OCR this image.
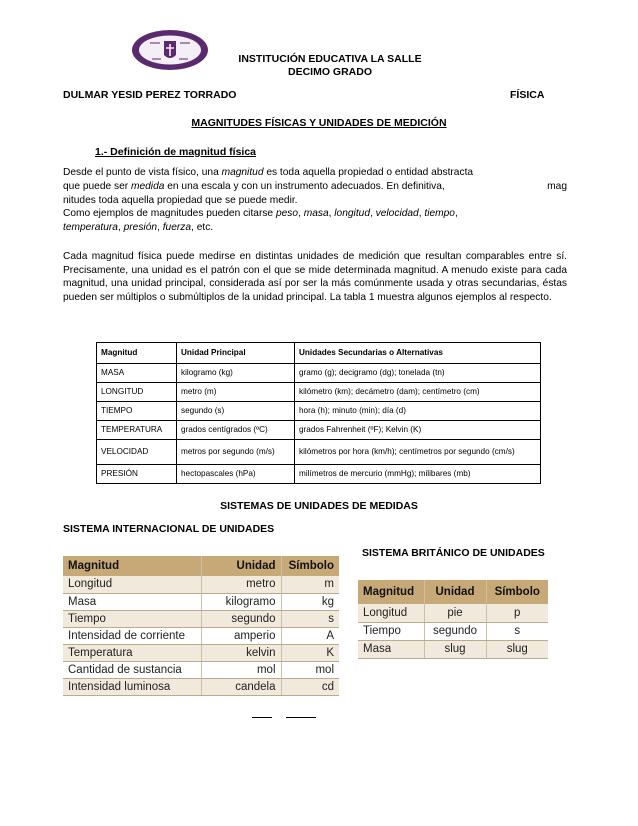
INSTITUCIÓN EDUCATIVA LA SALLE
DECIMO GRADO
DULMAR YESID PEREZ TORRADO	FÍSICA
MAGNITUDES FÍSICAS Y UNIDADES DE MEDICIÓN
1.- Definición de magnitud física
Desde el punto de vista físico, una magnitud es toda aquella propiedad o entidad abstracta
que puede ser medida en una escala y con un instrumento adecuados. En definitiva,	mag
nitudes toda aquella propiedad que se puede medir.
Como ejemplos de magnitudes pueden citarse peso, masa, longitud, velocidad, tiempo,
temperatura, presión, fuerza, etc.
Cada magnitud física puede medirse en distintas unidades de medición que resultan comparables entre sí. Precisamente, una unidad es el patrón con el que se mide determinada magnitud. A menudo existe para cada magnitud, una unidad principal, considerada así por ser la más comúnmente usada y otras secundarias, éstas pueden ser múltiplos o submúltiplos de la unidad principal. La tabla 1 muestra algunos ejemplos al respecto.
Magnitud	Unidad Principal	Unidades Secundarias o Alternativas
MASA	kilogramo (kg)	gramo (g); decigramo (dg); tonelada (tn)
LONGITUD	metro (m)	kilómetro (km); decámetro (dam); centímetro (cm)
TIEMPO	segundo (s)	hora (h); minuto (min); día (d)
TEMPERATURA	grados centígrados (ºC)	grados Fahrenheit (ºF); Kelvin (K)
VELOCIDAD	metros por segundo (m/s)	kilómetros por hora (km/h); centímetros por segundo (cm/s)
PRESIÓN	hectopascales (hPa)	milímetros de mercurio (mmHg); milibares (mb)
SISTEMAS DE UNIDADES DE MEDIDAS
SISTEMA INTERNACIONAL DE UNIDADES
SISTEMA BRITÁNICO DE UNIDADES
Magnitud	Unidad	Símbolo
Longitud	metro	m
Masa	kilogramo	kg
Tiempo	segundo	s
Intensidad de corriente	amperio	A
Temperatura	kelvin	K
Cantidad de sustancia	mol	mol
Intensidad luminosa	candela	cd
Magnitud	Unidad	Símbolo
Longitud	pie	p
Tiempo	segundo	s
Masa	slug	slug
